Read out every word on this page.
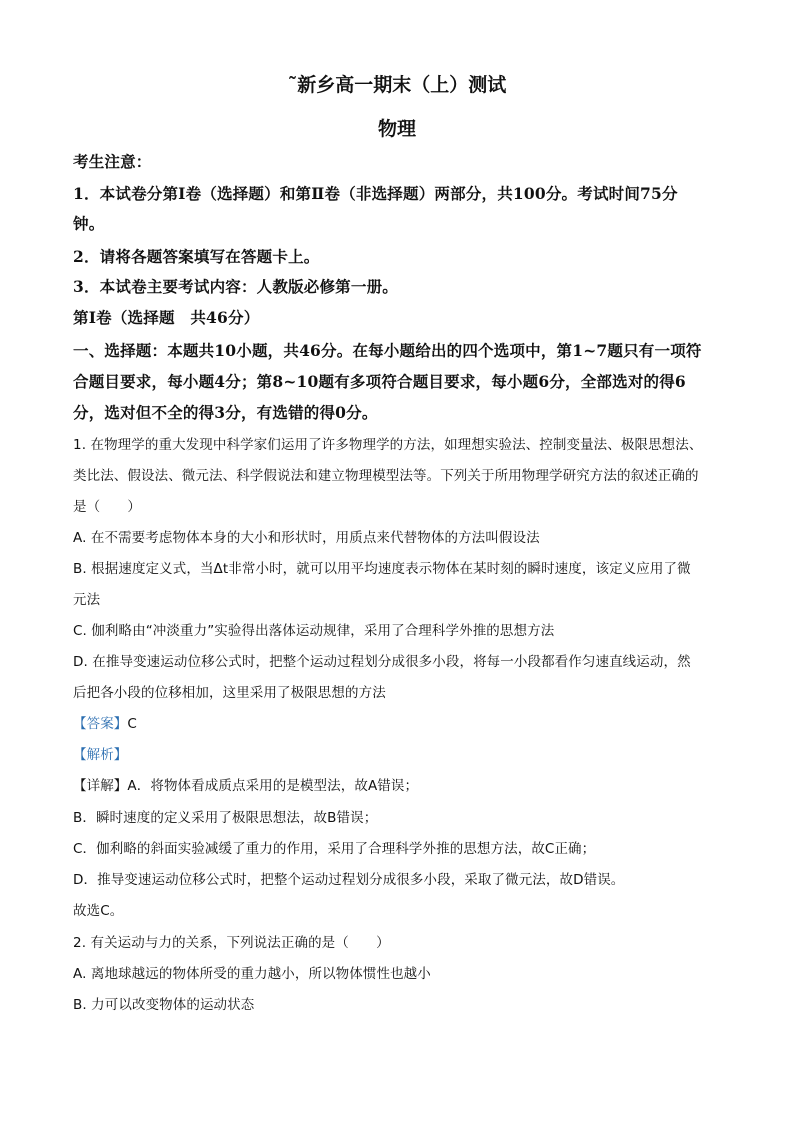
˜新乡高一期末（上）测试
物理
考生注意：
1．本试卷分第Ⅰ卷（选择题）和第Ⅱ卷（非选择题）两部分，共100分。考试时间75分
钟。
2．请将各题答案填写在答题卡上。
3．本试卷主要考试内容：人教版必修第一册。
第Ⅰ卷（选择题　共46分）
一、选择题：本题共10小题，共46分。在每小题给出的四个选项中，第1~7题只有一项符
合题目要求，每小题4分；第8~10题有多项符合题目要求，每小题6分，全部选对的得6
分，选对但不全的得3分，有选错的得0分。
1. 在物理学的重大发现中科学家们运用了许多物理学的方法，如理想实验法、控制变量法、极限思想法、
类比法、假设法、微元法、科学假说法和建立物理模型法等。下列关于所用物理学研究方法的叙述正确的
是（　　）
A. 在不需要考虑物体本身的大小和形状时，用质点来代替物体的方法叫假设法
B. 根据速度定义式，当Δt非常小时，就可以用平均速度表示物体在某时刻的瞬时速度，该定义应用了微
元法
C. 伽利略由“冲淡重力”实验得出落体运动规律，采用了合理科学外推的思想方法
D. 在推导变速运动位移公式时，把整个运动过程划分成很多小段，将每一小段都看作匀速直线运动，然
后把各小段的位移相加，这里采用了极限思想的方法
【答案】C
【解析】
【详解】A．将物体看成质点采用的是模型法，故A错误；
B．瞬时速度的定义采用了极限思想法，故B错误；
C．伽利略的斜面实验减缓了重力的作用，采用了合理科学外推的思想方法，故C正确；
D．推导变速运动位移公式时，把整个运动过程划分成很多小段，采取了微元法，故D错误。
故选C。
2. 有关运动与力的关系，下列说法正确的是（　　）
A. 离地球越远的物体所受的重力越小，所以物体惯性也越小
B. 力可以改变物体的运动状态
